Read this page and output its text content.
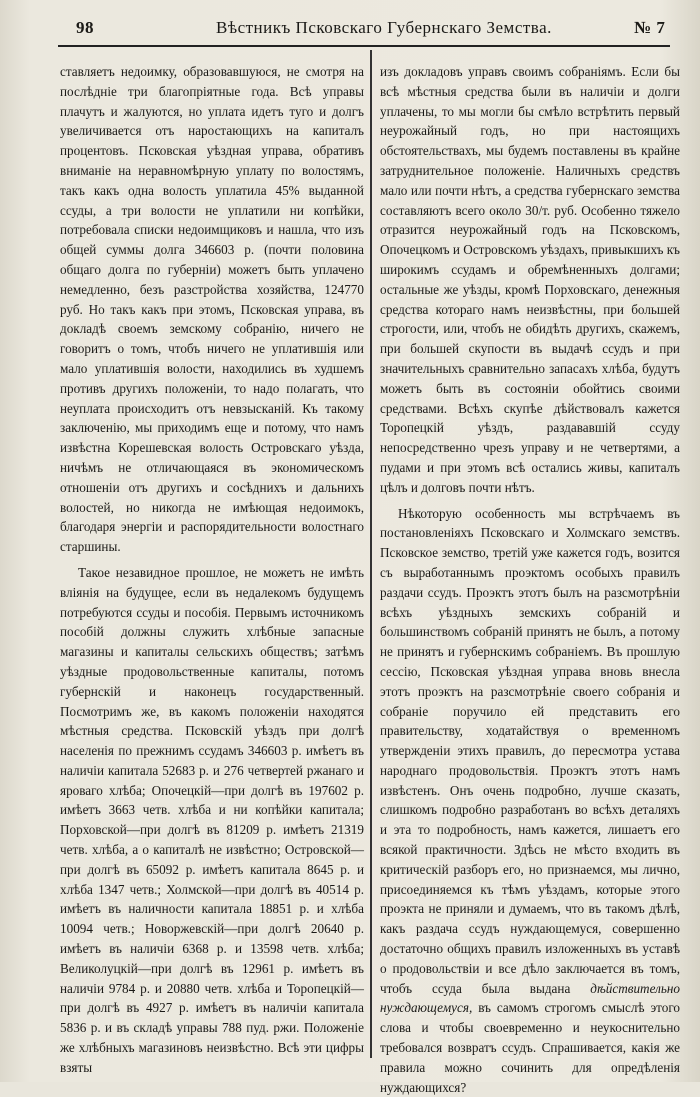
98	Вѣстникъ Псковскаго Губернскаго Земства.	№ 7

ставляетъ недоимку, образовавшуюся, не смотря на послѣдніе три благопріятные года. Всѣ управы плачутъ и жалуются, но уплата идетъ туго и долгъ увеличивается отъ наростающихъ на капиталъ процентовъ. Псковская уѣздная управа, обративъ вниманіе на неравномѣрную уплату по волостямъ, такъ какъ одна волость уплатила 45% выданной ссуды, а три волости не уплатили ни копѣйки, потребовала списки недоимщиковъ и нашла, что изъ общей суммы долга 346603 р. (почти половина общаго долга по губерніи) можетъ быть уплачено немедленно, безъ разстройства хозяйства, 124770 руб. Но такъ какъ при этомъ, Псковская управа, въ докладѣ своемъ земскому собранію, ничего не говоритъ о томъ, чтобъ ничего не уплатившія или мало уплатившія волости, находились въ худшемъ противъ другихъ положеніи, то надо полагать, что неуплата происходитъ отъ невзысканій. Къ такому заключенію, мы приходимъ еще и потому, что намъ извѣстна Корешевская волость Островскаго уѣзда, ничѣмъ не отличающаяся въ экономическомъ отношеніи отъ другихъ и сосѣднихъ и дальнихъ волостей, но никогда не имѣющая недоимокъ, благодаря энергіи и распорядительности волостнаго старшины.

Такое незавидное прошлое, не можетъ не имѣть вліянія на будущее, если въ недалекомъ будущемъ потребуются ссуды и пособія. Первымъ источникомъ пособій должны служить хлѣбные запасные магазины и капиталы сельскихъ обществъ; затѣмъ уѣздные продовольственные капиталы, потомъ губернскій и наконецъ государственный. Посмотримъ же, въ какомъ положеніи находятся мѣстныя средства. Псковскій уѣздъ при долгѣ населенія по прежнимъ ссудамъ 346603 р. имѣетъ въ наличіи капитала 52683 р. и 276 четвертей ржанаго и яроваго хлѣба; Опочецкій—при долгѣ въ 197602 р. имѣетъ 3663 четв. хлѣба и ни копѣйки капитала; Порховской—при долгѣ въ 81209 р. имѣетъ 21319 четв. хлѣба, а о капиталѣ не извѣстно; Островской—при долгѣ въ 65092 р. имѣетъ капитала 8645 р. и хлѣба 1347 четв.; Холмской—при долгѣ въ 40514 р. имѣетъ въ наличности капитала 18851 р. и хлѣба 10094 четв.; Новоржевскій—при долгѣ 20640 р. имѣетъ въ наличіи 6368 р. и 13598 четв. хлѣба; Великолуцкій—при долгѣ въ 12961 р. имѣетъ въ наличіи 9784 р. и 20880 четв. хлѣба и Торопецкій—при долгѣ въ 4927 р. имѣетъ въ наличіи капитала 5836 р. и въ складѣ управы 788 пуд. ржи. Положеніе же хлѣбныхъ магазиновъ неизвѣстно. Всѣ эти цифры взяты

изъ докладовъ управъ своимъ собраніямъ. Если бы всѣ мѣстныя средства были въ наличіи и долги уплачены, то мы могли бы смѣло встрѣтить первый неурожайный годъ, но при настоящихъ обстоятельствахъ, мы будемъ поставлены въ крайне затруднительное положеніе. Наличныхъ средствъ мало или почти нѣтъ, а средства губернскаго земства составляютъ всего около 30/т. руб. Особенно тяжело отразится неурожайный годъ на Псковскомъ, Опочецкомъ и Островскомъ уѣздахъ, привыкшихъ къ широкимъ ссудамъ и обремѣненныхъ долгами; остальные же уѣзды, кромѣ Порховскаго, денежныя средства котораго намъ неизвѣстны, при большей строгости, или, чтобъ не обидѣть другихъ, скажемъ, при большей скупости въ выдачѣ ссудъ и при значительныхъ сравнительно запасахъ хлѣба, будутъ можетъ быть въ состояніи обойтись своими средствами. Всѣхъ скупѣе дѣйствовалъ кажется Торопецкій уѣздъ, раздававшій ссуду непосредственно чрезъ управу и не четвертями, а пудами и при этомъ всѣ остались живы, капиталъ цѣлъ и долговъ почти нѣтъ.

Нѣкоторую особенность мы встрѣчаемъ въ постановленіяхъ Псковскаго и Холмскаго земствъ. Псковское земство, третій уже кажется годъ, возится съ выработаннымъ проэктомъ особыхъ правилъ раздачи ссудъ. Проэктъ этотъ былъ на разсмотрѣніи всѣхъ уѣздныхъ земскихъ собраній и большинствомъ собраній принятъ не былъ, а потому не принятъ и губернскимъ собраніемъ. Въ прошлую сессію, Псковская уѣздная управа вновь внесла этотъ проэктъ на разсмотрѣніе своего собранія и собраніе поручило ей представить его правительству, ходатайствуя о временномъ утвержденіи этихъ правилъ, до пересмотра устава народнаго продовольствія. Проэктъ этотъ намъ извѣстенъ. Онъ очень подробно, лучше сказать, слишкомъ подробно разработанъ во всѣхъ деталяхъ и эта то подробность, намъ кажется, лишаетъ его всякой практичности. Здѣсь не мѣсто входить въ критическій разборъ его, но признаемся, мы лично, присоединяемся къ тѣмъ уѣздамъ, которые этого проэкта не приняли и думаемъ, что въ такомъ дѣлѣ, какъ раздача ссудъ нуждающемуся, совершенно достаточно общихъ правилъ изложенныхъ въ уставѣ о продовольствіи и все дѣло заключается въ томъ, чтобъ ссуда была выдана дѣйствительно нуждающемуся, въ самомъ строгомъ смыслѣ этого слова и чтобы своевременно и неукоснительно требовался возвратъ ссудъ. Спрашивается, какія же правила можно сочинить для опредѣленія нуждающихся?
